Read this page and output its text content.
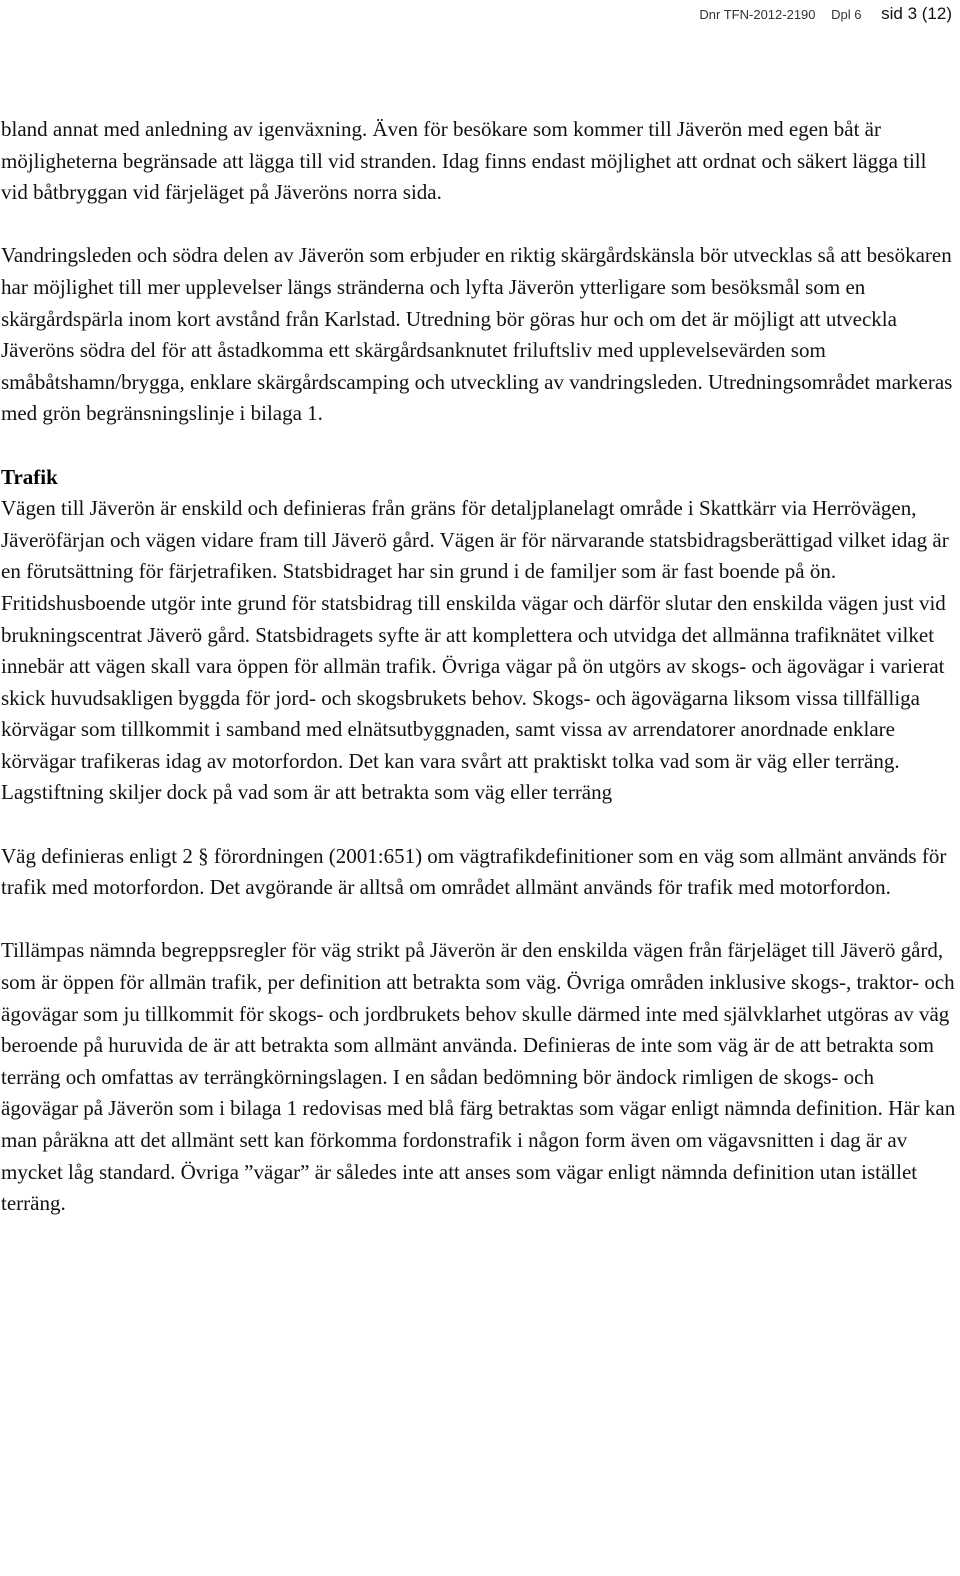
Dnr TFN-2012-2190 Dpl 6 sid 3 (12)

bland annat med anledning av igenväxning. Även för besökare som kommer till Jäverön med egen båt är möjligheterna begränsade att lägga till vid stranden. Idag finns endast möjlighet att ordnat och säkert lägga till vid båtbryggan vid färjeläget på Jäveröns norra sida.

Vandringsleden och södra delen av Jäverön som erbjuder en riktig skärgårdskänsla bör utvecklas så att besökaren har möjlighet till mer upplevelser längs stränderna och lyfta Jäverön ytterligare som besöksmål som en skärgårdspärla inom kort avstånd från Karlstad. Utredning bör göras hur och om det är möjligt att utveckla Jäveröns södra del för att åstadkomma ett skärgårdsanknutet friluftsliv med upplevelsevärden som småbåtshamn/brygga, enklare skärgårdscamping och utveckling av vandringsleden. Utredningsområdet markeras med grön begränsningslinje i bilaga 1.

Trafik

Vägen till Jäverön är enskild och definieras från gräns för detaljplanelagt område i Skattkärr via Herrövägen, Jäveröfärjan och vägen vidare fram till Jäverö gård. Vägen är för närvarande statsbidragsberättigad vilket idag är en förutsättning för färjetrafiken. Statsbidraget har sin grund i de familjer som är fast boende på ön. Fritidshusboende utgör inte grund för statsbidrag till enskilda vägar och därför slutar den enskilda vägen just vid brukningscentrat Jäverö gård. Statsbidragets syfte är att komplettera och utvidga det allmänna trafiknätet vilket innebär att vägen skall vara öppen för allmän trafik. Övriga vägar på ön utgörs av skogs- och ägovägar i varierat skick huvudsakligen byggda för jord- och skogsbrukets behov. Skogs- och ägovägarna liksom vissa tillfälliga körvägar som tillkommit i samband med elnätsutbyggnaden, samt vissa av arrendatorer anordnade enklare körvägar trafikeras idag av motorfordon. Det kan vara svårt att praktiskt tolka vad som är väg eller terräng. Lagstiftning skiljer dock på vad som är att betrakta som väg eller terräng

Väg definieras enligt 2 § förordningen (2001:651) om vägtrafikdefinitioner som en väg som allmänt används för trafik med motorfordon. Det avgörande är alltså om området allmänt används för trafik med motorfordon.

Tillämpas nämnda begreppsregler för väg strikt på Jäverön är den enskilda vägen från färjeläget till Jäverö gård, som är öppen för allmän trafik, per definition att betrakta som väg. Övriga områden inklusive skogs-, traktor- och ägovägar som ju tillkommit för skogs- och jordbrukets behov skulle därmed inte med självklarhet utgöras av väg beroende på huruvida de är att betrakta som allmänt använda. Definieras de inte som väg är de att betrakta som terräng och omfattas av terrängkörningslagen. I en sådan bedömning bör ändock rimligen de skogs- och ägovägar på Jäverön som i bilaga 1 redovisas med blå färg betraktas som vägar enligt nämnda definition. Här kan man påräkna att det allmänt sett kan förkomma fordonstrafik i någon form även om vägavsnitten i dag är av mycket låg standard. Övriga ”vägar” är således inte att anses som vägar enligt nämnda definition utan istället terräng.
